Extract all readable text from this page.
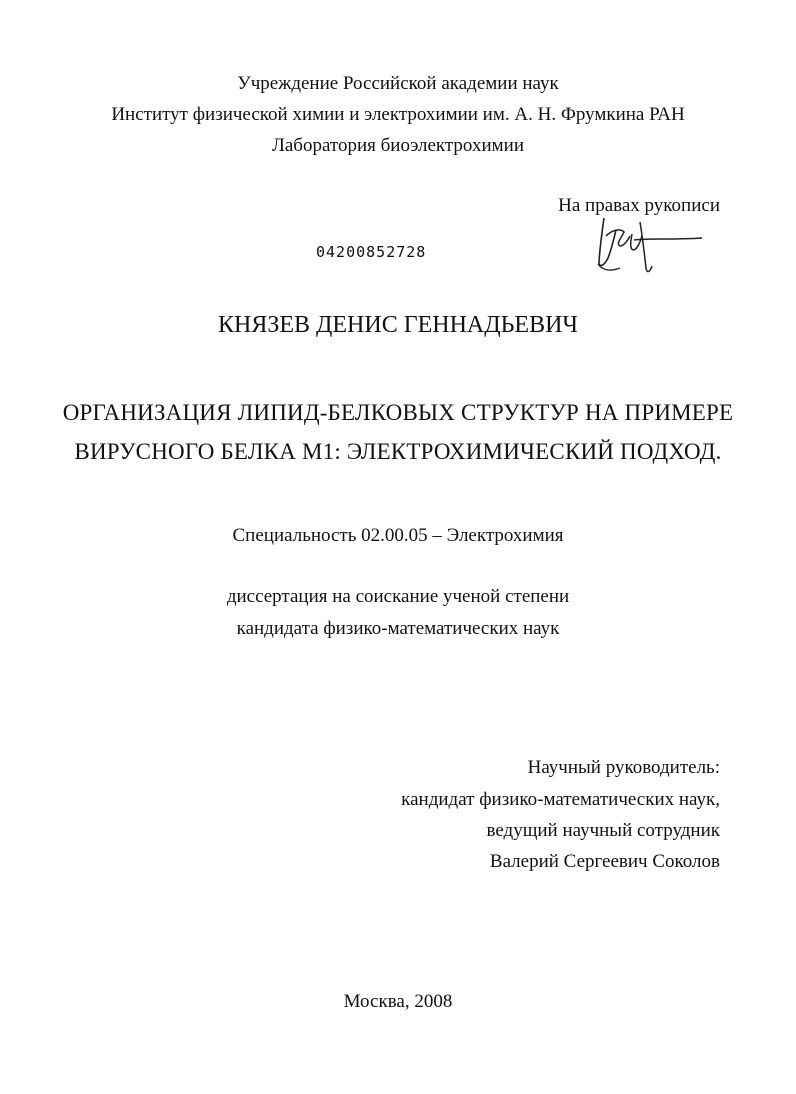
Учреждение Российской академии наук
Институт физической химии и электрохимии им. А. Н. Фрумкина РАН
Лаборатория биоэлектрохимии
На правах рукописи
04200852728
КНЯЗЕВ ДЕНИС ГЕННАДЬЕВИЧ
ОРГАНИЗАЦИЯ ЛИПИД-БЕЛКОВЫХ СТРУКТУР НА ПРИМЕРЕ
ВИРУСНОГО БЕЛКА М1: ЭЛЕКТРОХИМИЧЕСКИЙ ПОДХОД.
Специальность 02.00.05 – Электрохимия
диссертация на соискание ученой степени
кандидата физико-математических наук
Научный руководитель:
кандидат физико-математических наук,
ведущий научный сотрудник
Валерий Сергеевич Соколов
Москва, 2008
